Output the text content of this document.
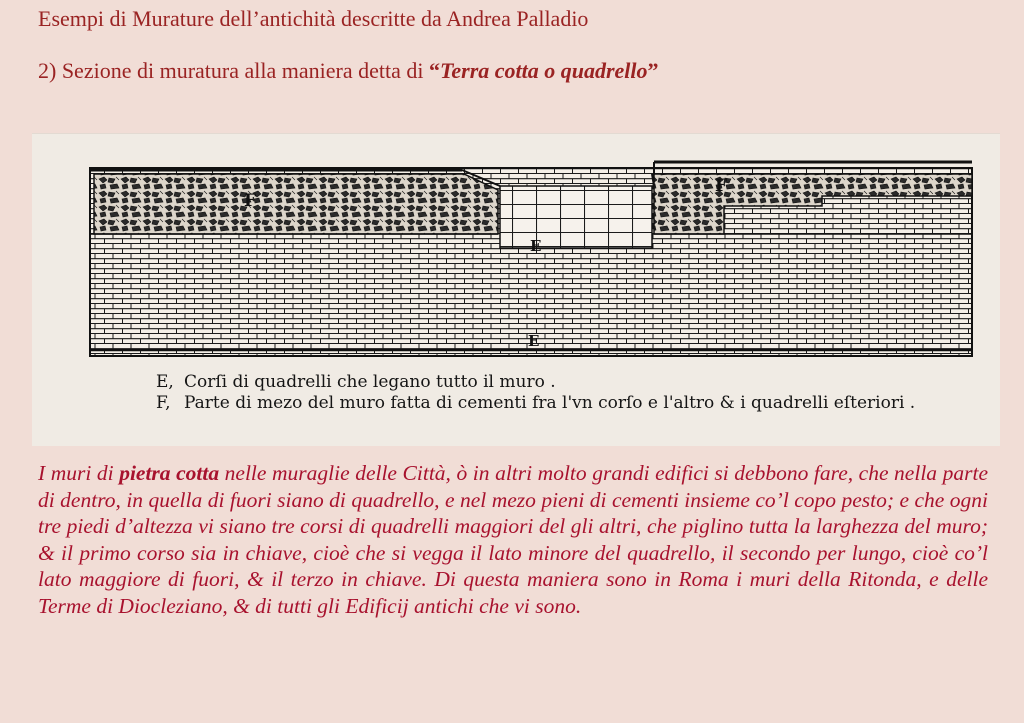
Esempi di Murature dell’antichità descritte da Andrea Palladio
2) Sezione di muratura alla maniera detta di “Terra cotta o quadrello”
F
F
E
E
E, Corſi di quadrelli che legano tutto il muro .
F, Parte di mezo del muro fatta di cementi fra l'vn corſo e l'altro & i quadrelli eſteriori .
I muri di pietra cotta nelle muraglie delle Città, ò in altri molto grandi edifici si debbono fare, che nella parte di dentro, in quella di fuori siano di quadrello, e nel mezo pieni di cementi insieme co’l copo pesto; e che ogni tre piedi d’altezza vi siano tre corsi di quadrelli maggiori del gli altri, che piglino tutta la larghezza del muro; & il primo corso sia in chiave, cioè che si vegga il lato minore del quadrello, il secondo per lungo, cioè co’l lato maggiore di fuori, & il terzo in chiave. Di questa maniera sono in Roma i muri della Ritonda, e delle Terme di Diocleziano, & di tutti gli Edificij antichi che vi sono.
